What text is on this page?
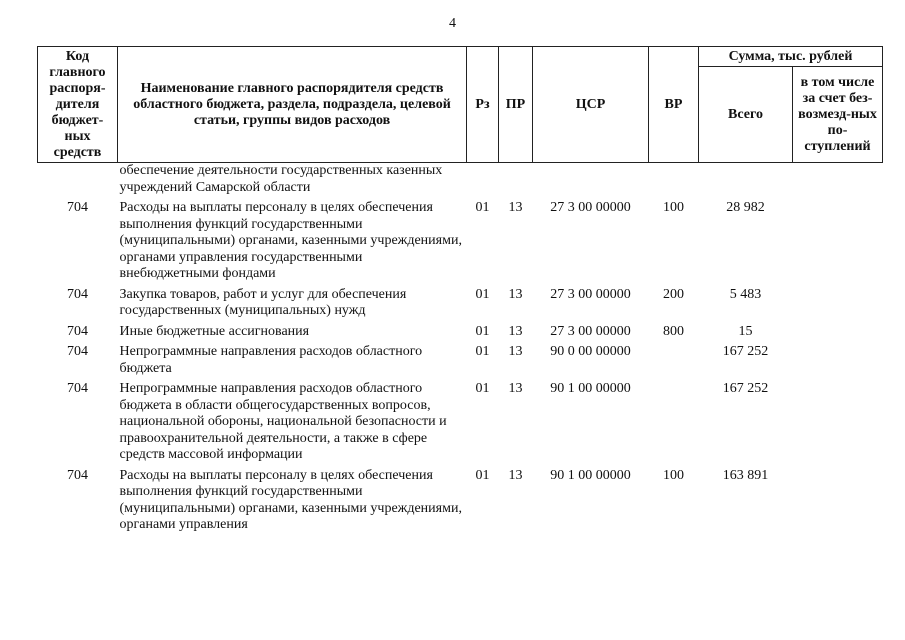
4
Код главного распоря-дителя бюджет-ных средств	Наименование главного распорядителя средств областного бюджета, раздела, подраздела, целевой статьи, группы видов расходов	Рз	ПР	ЦСР	ВР	Сумма, тыс. рублей	
						Всего	в том числе за счет без-возмезд-ных по-ступлений
	обеспечение деятельности государственных казенных учреждений Самарской области						
704	Расходы на выплаты персоналу в целях обеспечения выполнения функций государственными (муниципальными) органами, казенными учреждениями, органами управления государственными внебюджетными фондами	01	13	27 3 00 00000	100	28 982	
704	Закупка товаров, работ и услуг для обеспечения государственных (муниципальных) нужд	01	13	27 3 00 00000	200	5 483	
704	Иные бюджетные ассигнования	01	13	27 3 00 00000	800	15	
704	Непрограммные направления расходов областного бюджета	01	13	90 0 00 00000		167 252	
704	Непрограммные направления расходов областного бюджета в области общегосударственных вопросов, национальной обороны, национальной безопасности и правоохранительной деятельности, а также в сфере средств массовой информации	01	13	90 1 00 00000		167 252	
704	Расходы на выплаты персоналу в целях обеспечения выполнения функций государственными (муниципальными) органами, казенными учреждениями, органами управления	01	13	90 1 00 00000	100	163 891	
